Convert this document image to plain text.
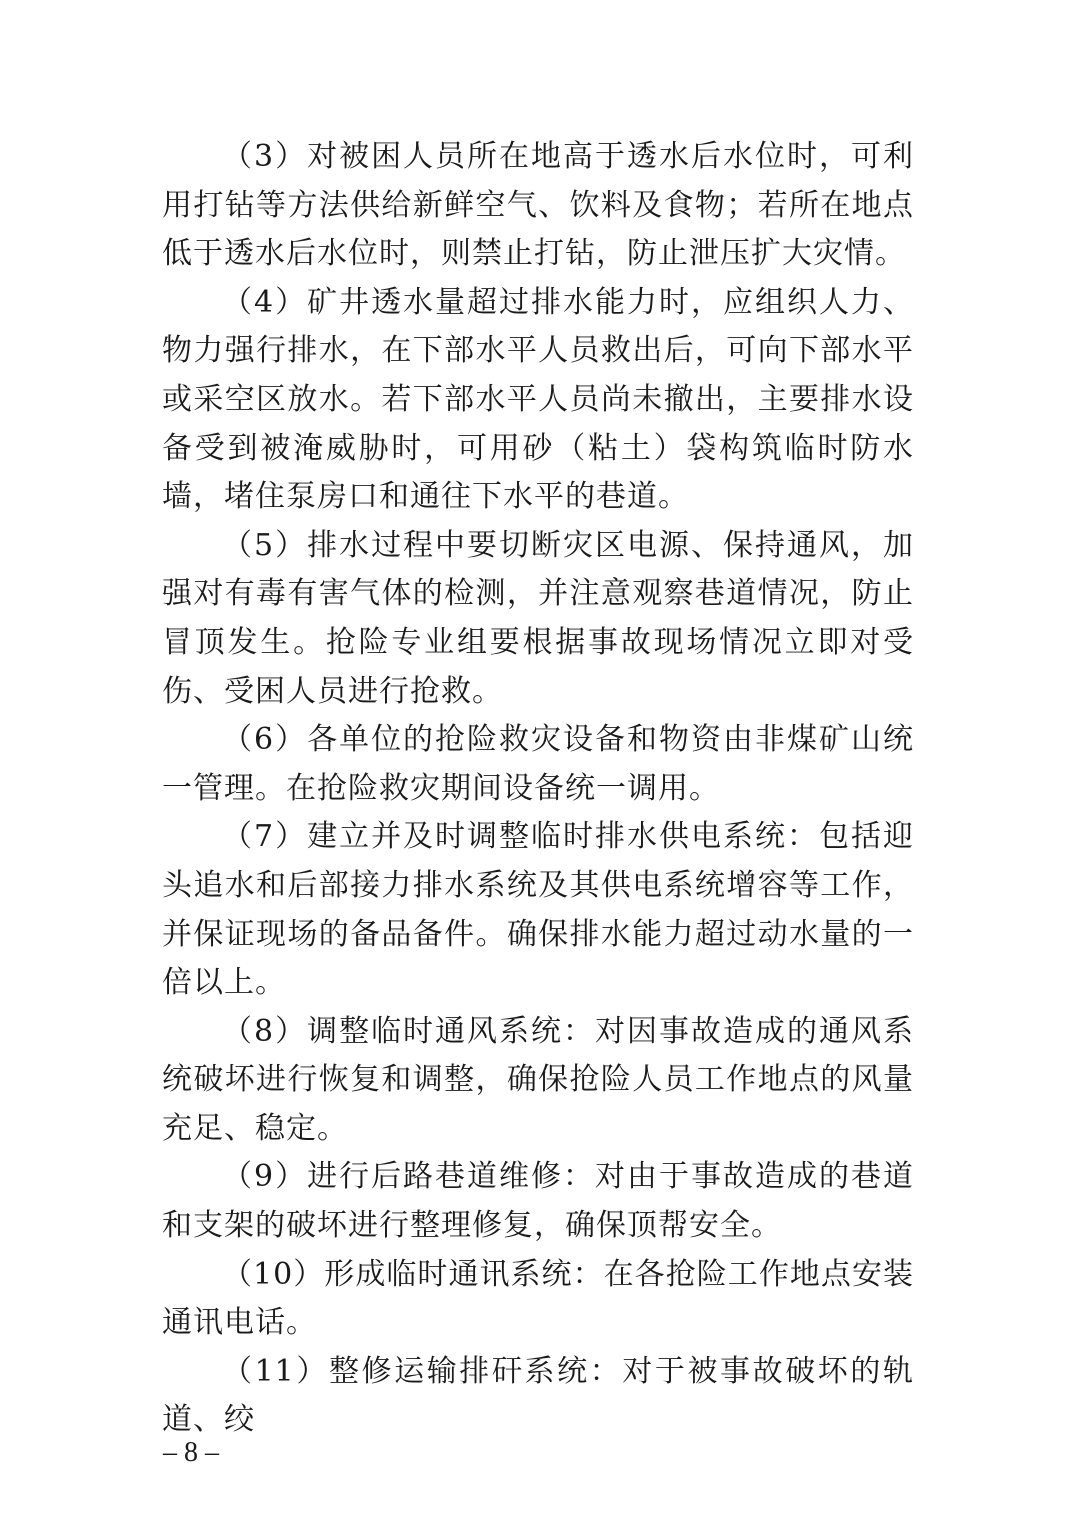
（3）对被困人员所在地高于透水后水位时，可利用打钻等方法供给新鲜空气、饮料及食物；若所在地点低于透水后水位时，则禁止打钻，防止泄压扩大灾情。

（4）矿井透水量超过排水能力时，应组织人力、物力强行排水，在下部水平人员救出后，可向下部水平或采空区放水。若下部水平人员尚未撤出，主要排水设备受到被淹威胁时，可用砂（粘土）袋构筑临时防水墙，堵住泵房口和通往下水平的巷道。

（5）排水过程中要切断灾区电源、保持通风，加强对有毒有害气体的检测，并注意观察巷道情况，防止冒顶发生。抢险专业组要根据事故现场情况立即对受伤、受困人员进行抢救。

（6）各单位的抢险救灾设备和物资由非煤矿山统一管理。在抢险救灾期间设备统一调用。

（7）建立并及时调整临时排水供电系统：包括迎头追水和后部接力排水系统及其供电系统增容等工作，并保证现场的备品备件。确保排水能力超过动水量的一倍以上。

（8）调整临时通风系统：对因事故造成的通风系统破坏进行恢复和调整，确保抢险人员工作地点的风量充足、稳定。

（9）进行后路巷道维修：对由于事故造成的巷道和支架的破坏进行整理修复，确保顶帮安全。

（10）形成临时通讯系统：在各抢险工作地点安装通讯电话。

（11）整修运输排矸系统：对于被事故破坏的轨道、绞

– 8 –
